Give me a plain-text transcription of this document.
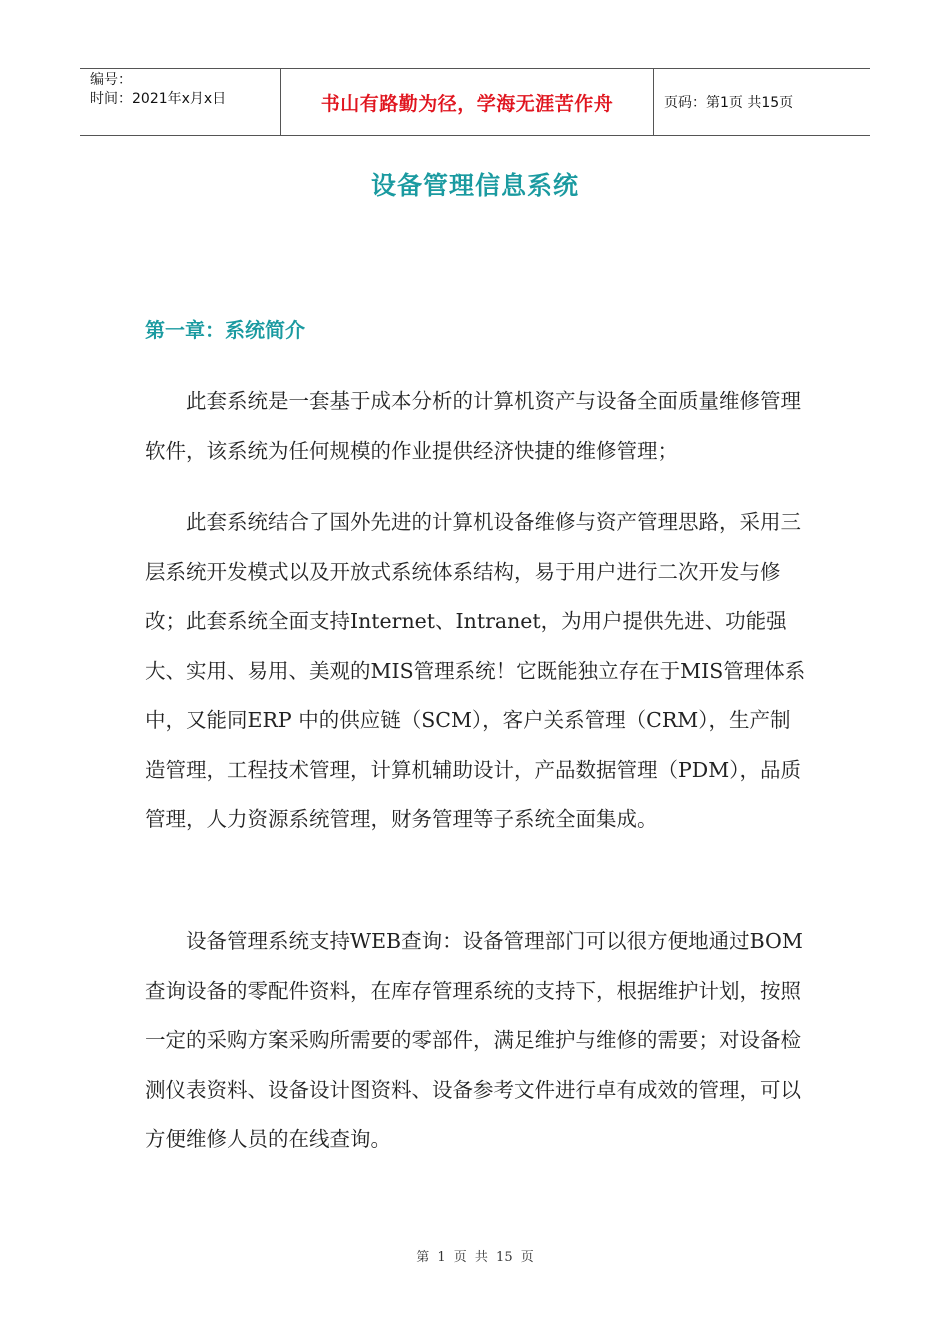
编号：
时间：2021年x月x日	书山有路勤为径，学海无涯苦作舟	页码：第1页 共15页
设备管理信息系统
第一章：系统简介

此套系统是一套基于成本分析的计算机资产与设备全面质量维修管理软件，该系统为任何规模的作业提供经济快捷的维修管理；

此套系统结合了国外先进的计算机设备维修与资产管理思路，采用三层系统开发模式以及开放式系统体系结构，易于用户进行二次开发与修改；此套系统全面支持Internet、Intranet，为用户提供先进、功能强大、实用、易用、美观的MIS管理系统！它既能独立存在于MIS管理体系中，又能同ERP 中的供应链（SCM），客户关系管理（CRM），生产制造管理，工程技术管理，计算机辅助设计，产品数据管理（PDM），品质管理，人力资源系统管理，财务管理等子系统全面集成。

设备管理系统支持WEB查询：设备管理部门可以很方便地通过BOM查询设备的零配件资料，在库存管理系统的支持下，根据维护计划，按照一定的采购方案采购所需要的零部件，满足维护与维修的需要；对设备检测仪表资料、设备设计图资料、设备参考文件进行卓有成效的管理，可以方便维修人员的在线查询。

第 1 页 共 15 页
